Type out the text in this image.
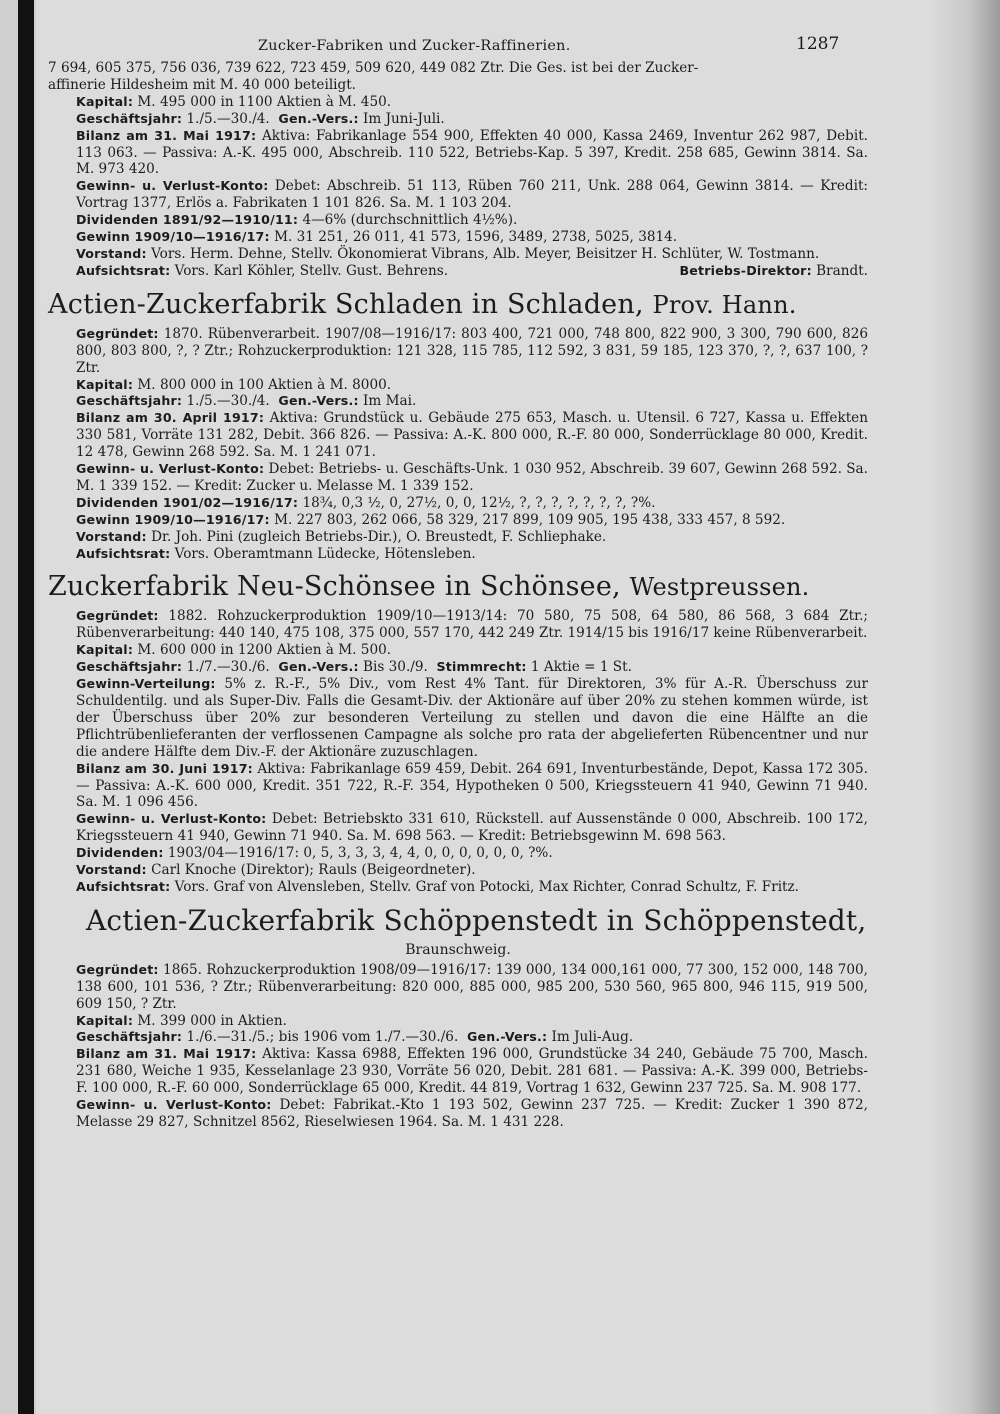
Zucker-Fabriken und Zucker-Raffinerien.	1287

7 694, 605 375, 756 036, 739 622, 723 459, 509 620, 449 082 Ztr. Die Ges. ist bei der Zucker-

affinerie Hildesheim mit M. 40 000 beteiligt.

Kapital: M. 495 000 in 1100 Aktien à M. 450.

Geschäftsjahr: 1./5.—30./4. Gen.-Vers.: Im Juni-Juli.

Bilanz am 31. Mai 1917: Aktiva: Fabrikanlage 554 900, Effekten 40 000, Kassa 2469, Inventur 262 987, Debit. 113 063. — Passiva: A.-K. 495 000, Abschreib. 110 522, Betriebs-Kap. 5 397, Kredit. 258 685, Gewinn 3814. Sa. M. 973 420.

Gewinn- u. Verlust-Konto: Debet: Abschreib. 51 113, Rüben 760 211, Unk. 288 064, Gewinn 3814. — Kredit: Vortrag 1377, Erlös a. Fabrikaten 1 101 826. Sa. M. 1 103 204.

Dividenden 1891/92—1910/11: 4—6% (durchschnittlich 4½%).

Gewinn 1909/10—1916/17: M. 31 251, 26 011, 41 573, 1596, 3489, 2738, 5025, 3814.

Vorstand: Vors. Herm. Dehne, Stellv. Ökonomierat Vibrans, Alb. Meyer, Beisitzer H. Schlüter, W. Tostmann.

Aufsichtsrat: Vors. Karl Köhler, Stellv. Gust. Behrens.	Betriebs-Direktor: Brandt.
Actien-Zuckerfabrik Schladen in Schladen, Prov. Hann.

Gegründet: 1870. Rübenverarbeit. 1907/08—1916/17: 803 400, 721 000, 748 800, 822 900, 3 300, 790 600, 826 800, 803 800, ?, ? Ztr.; Rohzuckerproduktion: 121 328, 115 785, 112 592, 3 831, 59 185, 123 370, ?, ?, 637 100, ? Ztr.

Kapital: M. 800 000 in 100 Aktien à M. 8000.

Geschäftsjahr: 1./5.—30./4. Gen.-Vers.: Im Mai.

Bilanz am 30. April 1917: Aktiva: Grundstück u. Gebäude 275 653, Masch. u. Utensil. 6 727, Kassa u. Effekten 330 581, Vorräte 131 282, Debit. 366 826. — Passiva: A.-K. 800 000, R.-F. 80 000, Sonderrücklage 80 000, Kredit. 12 478, Gewinn 268 592. Sa. M. 1 241 071.

Gewinn- u. Verlust-Konto: Debet: Betriebs- u. Geschäfts-Unk. 1 030 952, Abschreib. 39 607, Gewinn 268 592. Sa. M. 1 339 152. — Kredit: Zucker u. Melasse M. 1 339 152.

Dividenden 1901/02—1916/17: 18¾, 0,3 ½, 0, 27½, 0, 0, 12½, ?, ?, ?, ?, ?, ?, ?, ?%.

Gewinn 1909/10—1916/17: M. 227 803, 262 066, 58 329, 217 899, 109 905, 195 438, 333 457, 8 592.

Vorstand: Dr. Joh. Pini (zugleich Betriebs-Dir.), O. Breustedt, F. Schliephake.

Aufsichtsrat: Vors. Oberamtmann Lüdecke, Hötensleben.

Zuckerfabrik Neu-Schönsee in Schönsee, Westpreussen.

Gegründet: 1882. Rohzuckerproduktion 1909/10—1913/14: 70 580, 75 508, 64 580, 86 568, 3 684 Ztr.; Rübenverarbeitung: 440 140, 475 108, 375 000, 557 170, 442 249 Ztr. 1914/15 bis 1916/17 keine Rübenverarbeit.

Kapital: M. 600 000 in 1200 Aktien à M. 500.

Geschäftsjahr: 1./7.—30./6. Gen.-Vers.: Bis 30./9. Stimmrecht: 1 Aktie = 1 St.

Gewinn-Verteilung: 5% z. R.-F., 5% Div., vom Rest 4% Tant. für Direktoren, 3% für A.-R. Überschuss zur Schuldentilg. und als Super-Div. Falls die Gesamt-Div. der Aktionäre auf über 20% zu stehen kommen würde, ist der Überschuss über 20% zur besonderen Verteilung zu stellen und davon die eine Hälfte an die Pflichtrübenlieferanten der verflossenen Campagne als solche pro rata der abgelieferten Rübencentner und nur die andere Hälfte dem Div.-F. der Aktionäre zuzuschlagen.

Bilanz am 30. Juni 1917: Aktiva: Fabrikanlage 659 459, Debit. 264 691, Inventurbestände, Depot, Kassa 172 305. — Passiva: A.-K. 600 000, Kredit. 351 722, R.-F. 354, Hypotheken 0 500, Kriegssteuern 41 940, Gewinn 71 940. Sa. M. 1 096 456.

Gewinn- u. Verlust-Konto: Debet: Betriebskto 331 610, Rückstell. auf Aussenstände 0 000, Abschreib. 100 172, Kriegssteuern 41 940, Gewinn 71 940. Sa. M. 698 563. — Kredit: Betriebsgewinn M. 698 563.

Dividenden: 1903/04—1916/17: 0, 5, 3, 3, 3, 4, 4, 0, 0, 0, 0, 0, 0, ?%.

Vorstand: Carl Knoche (Direktor); Rauls (Beigeordneter).

Aufsichtsrat: Vors. Graf von Alvensleben, Stellv. Graf von Potocki, Max Richter, Conrad Schultz, F. Fritz.

Actien-Zuckerfabrik Schöppenstedt in Schöppenstedt,

Braunschweig.

Gegründet: 1865. Rohzuckerproduktion 1908/09—1916/17: 139 000, 134 000,161 000, 77 300, 152 000, 148 700, 138 600, 101 536, ? Ztr.; Rübenverarbeitung: 820 000, 885 000, 985 200, 530 560, 965 800, 946 115, 919 500, 609 150, ? Ztr.

Kapital: M. 399 000 in Aktien.

Geschäftsjahr: 1./6.—31./5.; bis 1906 vom 1./7.—30./6. Gen.-Vers.: Im Juli-Aug.

Bilanz am 31. Mai 1917: Aktiva: Kassa 6988, Effekten 196 000, Grundstücke 34 240, Gebäude 75 700, Masch. 231 680, Weiche 1 935, Kesselanlage 23 930, Vorräte 56 020, Debit. 281 681. — Passiva: A.-K. 399 000, Betriebs-F. 100 000, R.-F. 60 000, Sonderrücklage 65 000, Kredit. 44 819, Vortrag 1 632, Gewinn 237 725. Sa. M. 908 177.

Gewinn- u. Verlust-Konto: Debet: Fabrikat.-Kto 1 193 502, Gewinn 237 725. — Kredit: Zucker 1 390 872, Melasse 29 827, Schnitzel 8562, Rieselwiesen 1964. Sa. M. 1 431 228.
